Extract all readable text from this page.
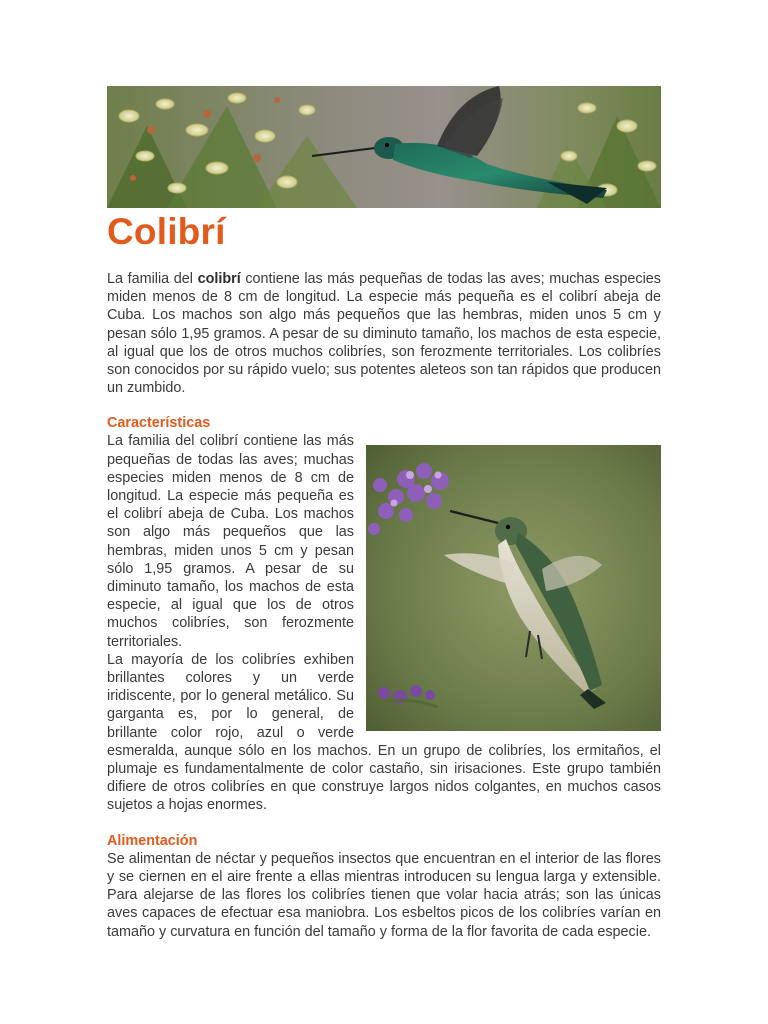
Colibrí

La familia del colibrí contiene las más pequeñas de todas las aves; muchas especies miden menos de 8 cm de longitud. La especie más pequeña es el colibrí abeja de Cuba. Los machos son algo más pequeños que las hembras, miden unos 5 cm y pesan sólo 1,95 gramos. A pesar de su diminuto tamaño, los machos de esta especie, al igual que los de otros muchos colibríes, son ferozmente territoriales. Los colibríes son conocidos por su rápido vuelo; sus potentes aleteos son tan rápidos que producen un zumbido.

Características

La familia del colibrí contiene las más pequeñas de todas las aves; muchas especies miden menos de 8 cm de longitud. La especie más pequeña es el colibrí abeja de Cuba. Los machos son algo más pequeños que las hembras, miden unos 5 cm y pesan sólo 1,95 gramos. A pesar de su diminuto tamaño, los machos de esta especie, al igual que los de otros muchos colibríes, son ferozmente territoriales.

La mayoría de los colibríes exhiben brillantes colores y un verde iridiscente, por lo general metálico. Su garganta es, por lo general, de brillante color rojo, azul o verde esmeralda, aunque sólo en los machos. En un grupo de colibríes, los ermitaños, el plumaje es fundamentalmente de color castaño, sin irisaciones. Este grupo también difiere de otros colibríes en que construye largos nidos colgantes, en muchos casos sujetos a hojas enormes.

Alimentación

Se alimentan de néctar y pequeños insectos que encuentran en el interior de las flores y se ciernen en el aire frente a ellas mientras introducen su lengua larga y extensible. Para alejarse de las flores los colibríes tienen que volar hacia atrás; son las únicas aves capaces de efectuar esa maniobra. Los esbeltos picos de los colibríes varían en tamaño y curvatura en función del tamaño y forma de la flor favorita de cada especie.
